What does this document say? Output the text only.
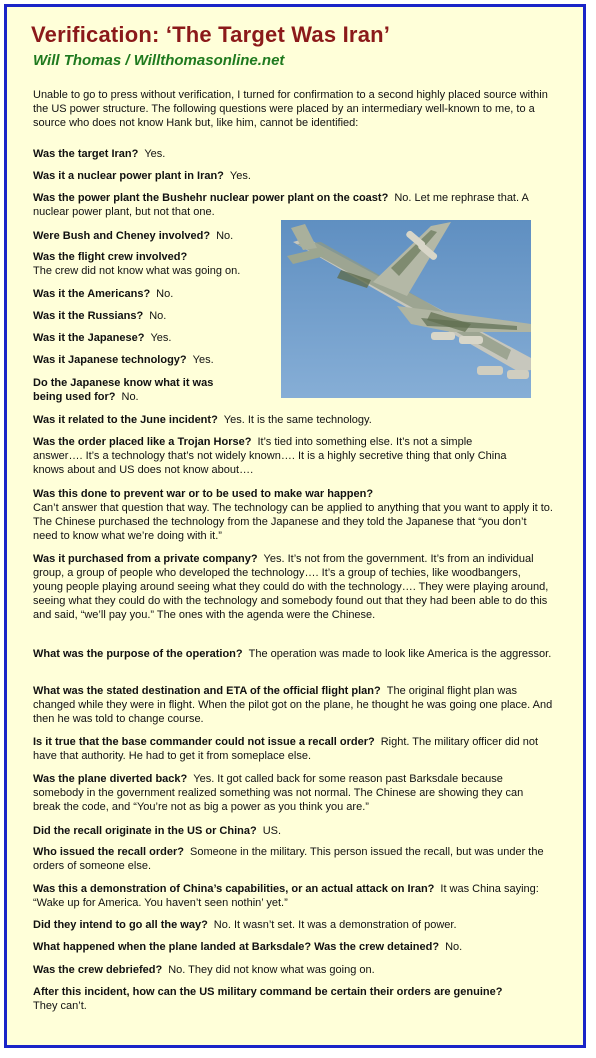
Verification: ‘The Target Was Iran’
Will Thomas / Willthomasonline.net
Unable to go to press without verification, I turned for confirmation to a second highly placed source within the US power structure. The following questions were placed by an intermediary well-known to me, to a source who does not know Hank but, like him, cannot be identified:
Was the target Iran? Yes.
Was it a nuclear power plant in Iran? Yes.
Was the power plant the Bushehr nuclear power plant on the coast? No. Let me rephrase that. A nuclear power plant, but not that one.
Were Bush and Cheney involved? No.
Was the flight crew involved?
The crew did not know what was going on.
Was it the Americans? No.
Was it the Russians? No.
Was it the Japanese? Yes.
Was it Japanese technology? Yes.
Do the Japanese know what it was being used for? No.
Was it related to the June incident? Yes. It is the same technology.
Was the order placed like a Trojan Horse? It’s tied into something else. It’s not a simple answer…. It’s a technology that’s not widely known…. It is a highly secretive thing that only China knows about and US does not know about….
Was this done to prevent war or to be used to make war happen?
Can’t answer that question that way. The technology can be applied to anything that you want to apply it to. The Chinese purchased the technology from the Japanese and they told the Japanese that “you don’t need to know what we’re doing with it.”
Was it purchased from a private company? Yes. It’s not from the government. It’s from an individual group, a group of people who developed the technology…. It’s a group of techies, like woodbangers, young people playing around seeing what they could do with the technology…. They were playing around, seeing what they could do with the technology and somebody found out that they had been able to do this and said, “we’ll pay you.” The ones with the agenda were the Chinese.
What was the purpose of the operation? The operation was made to look like America is the aggressor.
What was the stated destination and ETA of the official flight plan? The original flight plan was changed while they were in flight. When the pilot got on the plane, he thought he was going one place. And then he was told to change course.
Is it true that the base commander could not issue a recall order? Right. The military officer did not have that authority. He had to get it from someplace else.
Was the plane diverted back? Yes. It got called back for some reason past Barksdale because somebody in the government realized something was not normal. The Chinese are showing they can break the code, and “You’re not as big a power as you think you are.”
Did the recall originate in the US or China? US.
Who issued the recall order? Someone in the military. This person issued the recall, but was under the orders of someone else.
Was this a demonstration of China’s capabilities, or an actual attack on Iran? It was China saying: “Wake up for America. You haven’t seen nothin’ yet.”
Did they intend to go all the way? No. It wasn’t set. It was a demonstration of power.
What happened when the plane landed at Barksdale? Was the crew detained? No.
Was the crew debriefed? No. They did not know what was going on.
After this incident, how can the US military command be certain their orders are genuine?
They can’t.
